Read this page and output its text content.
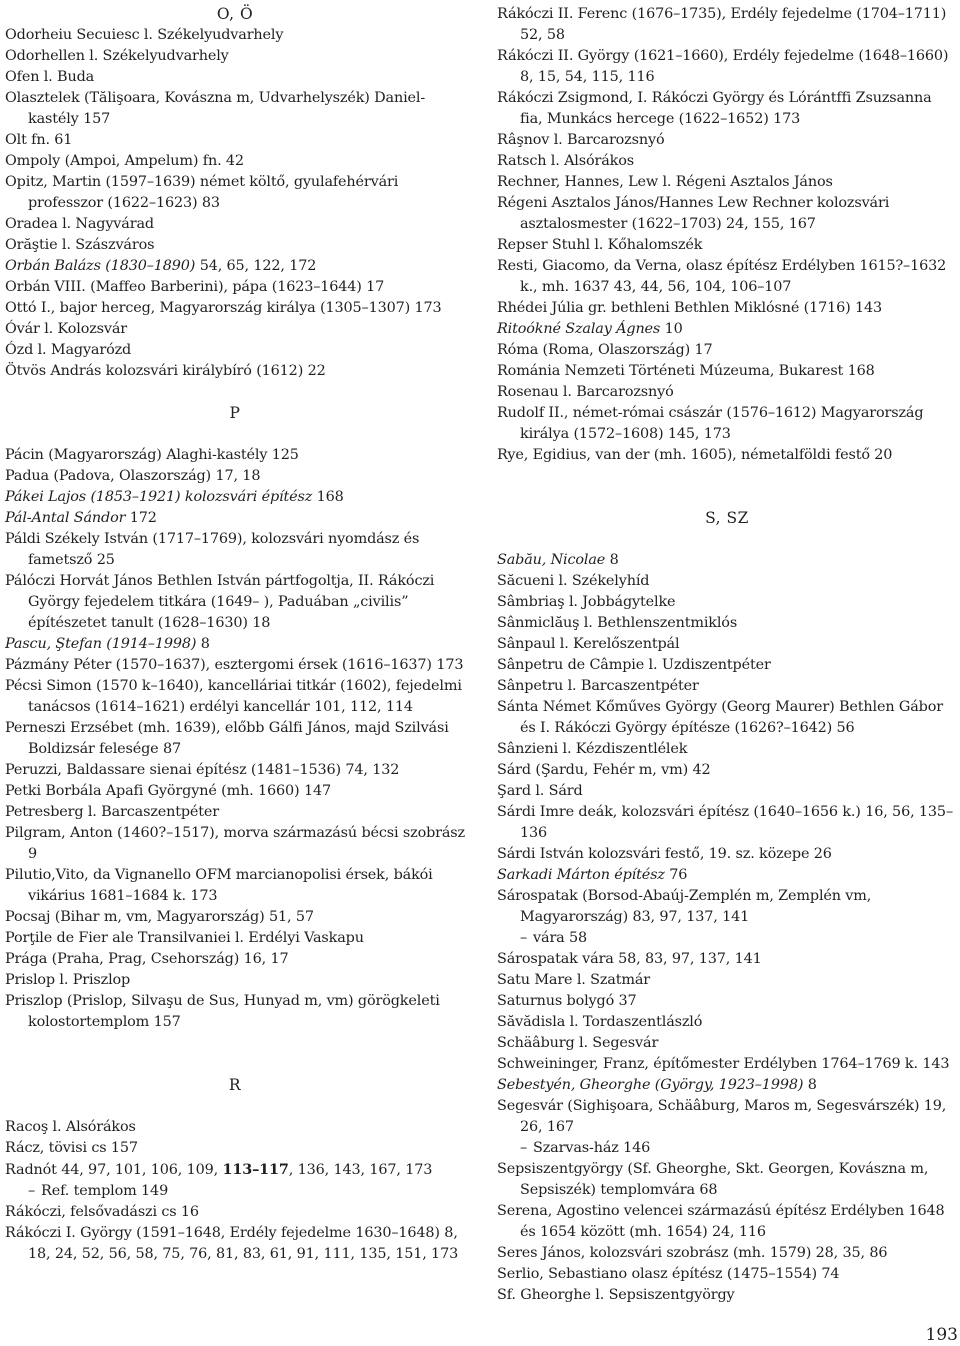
O, Ö
Odorheiu Secuiesc l. Székelyudvarhely
Odorhellen l. Székelyudvarhely
Ofen l. Buda
Olasztelek (Tălişoara, Kovászna m, Udvarhelyszék) Daniel-kastély 157
Olt fn. 61
Ompoly (Ampoi, Ampelum) fn. 42
Opitz, Martin (1597–1639) német költő, gyulafehérvári professzor (1622–1623) 83
Oradea l. Nagyvárad
Orăştie l. Szászváros
Orbán Balázs (1830–1890) 54, 65, 122, 172
Orbán VIII. (Maffeo Barberini), pápa (1623–1644) 17
Ottó I., bajor herceg, Magyarország királya (1305–1307) 173
Óvár l. Kolozsvár
Ózd l. Magyarózd
Ötvös András kolozsvári királybíró (1612) 22
P
Pácin (Magyarország) Alaghi-kastély 125
Padua (Padova, Olaszország) 17, 18
Pákei Lajos (1853–1921) kolozsvári építész 168
Pál-Antal Sándor 172
Páldi Székely István (1717–1769), kolozsvári nyomdász és fametsző 25
Pálóczi Horvát János Bethlen István pártfogoltja, II. Rákóczi György fejedelem titkára (1649– ), Paduában „civilis” építészetet tanult (1628–1630) 18
Pascu, Ştefan (1914–1998) 8
Pázmány Péter (1570–1637), esztergomi érsek (1616–1637) 173
Pécsi Simon (1570 k–1640), kancelláriai titkár (1602), fejedelmi tanácsos (1614–1621) erdélyi kancellár 101, 112, 114
Perneszi Erzsébet (mh. 1639), előbb Gálfi János, majd Szilvási Boldizsár felesége 87
Peruzzi, Baldassare sienai építész (1481–1536) 74, 132
Petki Borbála Apafi Györgyné (mh. 1660) 147
Petresberg l. Barcaszentpéter
Pilgram, Anton (1460?–1517), morva származású bécsi szobrász 9
Pilutio,Vito, da Vignanello OFM marcianopolisi érsek, bákói vikárius 1681–1684 k. 173
Pocsaj (Bihar m, vm, Magyarország) 51, 57
Porţile de Fier ale Transilvaniei l. Erdélyi Vaskapu
Prága (Praha, Prag, Csehország) 16, 17
Prislop l. Priszlop
Priszlop (Prislop, Silvaşu de Sus, Hunyad m, vm) görögkeleti kolostortemplom 157
R
Racoş l. Alsórákos
Rácz, tövisi cs 157
Radnót 44, 97, 101, 106, 109, 113–117, 136, 143, 167, 173
– Ref. templom 149
Rákóczi, felsővadászi cs 16
Rákóczi I. György (1591–1648, Erdély fejedelme 1630–1648) 8, 18, 24, 52, 56, 58, 75, 76, 81, 83, 61, 91, 111, 135, 151, 173
Rákóczi II. Ferenc (1676–1735), Erdély fejedelme (1704–1711) 52, 58
Rákóczi II. György (1621–1660), Erdély fejedelme (1648–1660) 8, 15, 54, 115, 116
Rákóczi Zsigmond, I. Rákóczi György és Lórántffi Zsuzsanna fia, Munkács hercege (1622–1652) 173
Râşnov l. Barcarozsnyó
Ratsch l. Alsórákos
Rechner, Hannes, Lew l. Régeni Asztalos János
Régeni Asztalos János/Hannes Lew Rechner kolozsvári asztalosmester (1622–1703) 24, 155, 167
Repser Stuhl l. Kőhalomszék
Resti, Giacomo, da Verna, olasz építész Erdélyben 1615?–1632 k., mh. 1637 43, 44, 56, 104, 106–107
Rhédei Júlia gr. bethleni Bethlen Miklósné (1716) 143
Ritoókné Szalay Ágnes 10
Róma (Roma, Olaszország) 17
Románia Nemzeti Történeti Múzeuma, Bukarest 168
Rosenau l. Barcarozsnyó
Rudolf II., német-római császár (1576–1612) Magyarország királya (1572–1608) 145, 173
Rye, Egidius, van der (mh. 1605), németalföldi festő 20
S, SZ
Sabău, Nicolae 8
Săcueni l. Székelyhíd
Sâmbriaş l. Jobbágytelke
Sânmiclăuş l. Bethlenszentmiklós
Sânpaul l. Kerelőszentpál
Sânpetru de Câmpie l. Uzdiszentpéter
Sânpetru l. Barcaszentpéter
Sánta Német Kőműves György (Georg Maurer) Bethlen Gábor és I. Rákóczi György építésze (1626?–1642) 56
Sânzieni l. Kézdiszentlélek
Sárd (Şardu, Fehér m, vm) 42
Şard l. Sárd
Sárdi Imre deák, kolozsvári építész (1640–1656 k.) 16, 56, 135–136
Sárdi István kolozsvári festő, 19. sz. közepe 26
Sarkadi Márton építész 76
Sárospatak (Borsod-Abaúj-Zemplén m, Zemplén vm, Magyarország) 83, 97, 137, 141
– vára 58
Sárospatak vára 58, 83, 97, 137, 141
Satu Mare l. Szatmár
Saturnus bolygó 37
Săvădisla l. Tordaszentlászló
Schäâburg l. Segesvár
Schweininger, Franz, építőmester Erdélyben 1764–1769 k. 143
Sebestyén, Gheorghe (György, 1923–1998) 8
Segesvár (Sighişoara, Schäâburg, Maros m, Segesvárszék) 19, 26, 167
– Szarvas-ház 146
Sepsiszentgyörgy (Sf. Gheorghe, Skt. Georgen, Kovászna m, Sepsiszék) templomvára 68
Serena, Agostino velencei származású építész Erdélyben 1648 és 1654 között (mh. 1654) 24, 116
Seres János, kolozsvári szobrász (mh. 1579) 28, 35, 86
Serlio, Sebastiano olasz építész (1475–1554) 74
Sf. Gheorghe l. Sepsiszentgyörgy
193
